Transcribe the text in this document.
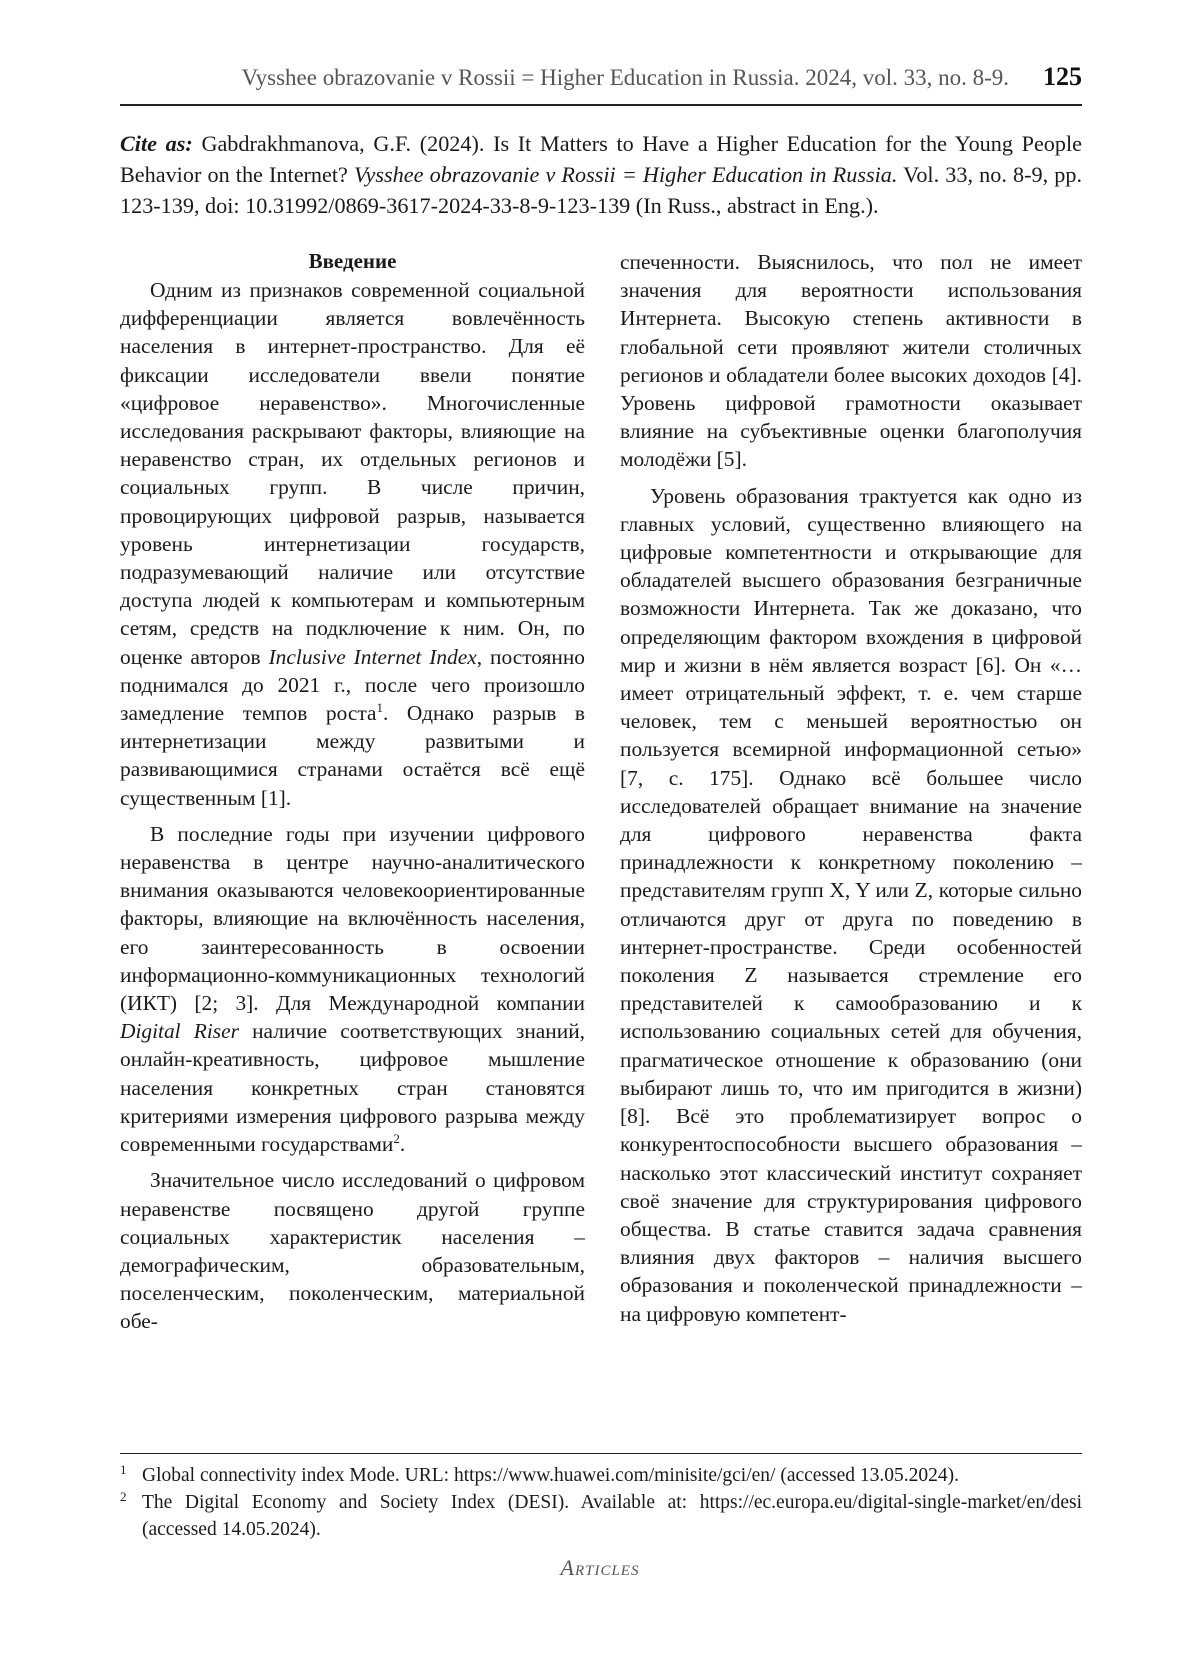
Vysshee obrazovanie v Rossii = Higher Education in Russia. 2024, vol. 33, no. 8-9. 125
Cite as: Gabdrakhmanova, G.F. (2024). Is It Matters to Have a Higher Education for the Young People Behavior on the Internet? Vysshee obrazovanie v Rossii = Higher Education in Russia. Vol. 33, no. 8-9, pp. 123-139, doi: 10.31992/0869-3617-2024-33-8-9-123-139 (In Russ., abstract in Eng.).
Введение

Одним из признаков современной социальной дифференциации является вовлечённость населения в интернет-пространство. Для её фиксации исследователи ввели понятие «цифровое неравенство». Многочисленные исследования раскрывают факторы, влияющие на неравенство стран, их отдельных регионов и социальных групп. В числе причин, провоцирующих цифровой разрыв, называется уровень интернетизации государств, подразумевающий наличие или отсутствие доступа людей к компьютерам и компьютерным сетям, средств на подключение к ним. Он, по оценке авторов Inclusive Internet Index, постоянно поднимался до 2021 г., после чего произошло замедление темпов роста$^1$. Однако разрыв в интернетизации между развитыми и развивающимися странами остаётся всё ещё существенным [1].

В последние годы при изучении цифрового неравенства в центре научно-аналитического внимания оказываются человекоориентированные факторы, влияющие на включённость населения, его заинтересованность в освоении информационно-коммуникационных технологий (ИКТ) [2; 3]. Для Международной компании Digital Riser наличие соответствующих знаний, онлайн-креативность, цифровое мышление населения конкретных стран становятся критериями измерения цифрового разрыва между современными государствами$^2$.

Значительное число исследований о цифровом неравенстве посвящено другой группе социальных характеристик населения – демографическим, образовательным, поселенческим, поколенческим, материальной обе-

спеченности. Выяснилось, что пол не имеет значения для вероятности использования Интернета. Высокую степень активности в глобальной сети проявляют жители столичных регионов и обладатели более высоких доходов [4]. Уровень цифровой грамотности оказывает влияние на субъективные оценки благополучия молодёжи [5].

Уровень образования трактуется как одно из главных условий, существенно влияющего на цифровые компетентности и открывающие для обладателей высшего образования безграничные возможности Интернета. Так же доказано, что определяющим фактором вхождения в цифровой мир и жизни в нём является возраст [6]. Он «…имеет отрицательный эффект, т. е. чем старше человек, тем с меньшей вероятностью он пользуется всемирной информационной сетью» [7, с. 175]. Однако всё большее число исследователей обращает внимание на значение для цифрового неравенства факта принадлежности к конкретному поколению – представителям групп X, Y или Z, которые сильно отличаются друг от друга по поведению в интернет-пространстве. Среди особенностей поколения Z называется стремление его представителей к самообразованию и к использованию социальных сетей для обучения, прагматическое отношение к образованию (они выбирают лишь то, что им пригодится в жизни) [8]. Всё это проблематизирует вопрос о конкурентоспособности высшего образования – насколько этот классический институт сохраняет своё значение для структурирования цифрового общества. В статье ставится задача сравнения влияния двух факторов – наличия высшего образования и поколенческой принадлежности – на цифровую компетент-

1 Global connectivity index Mode. URL: https://www.huawei.com/minisite/gci/en/ (accessed 13.05.2024).
2 The Digital Economy and Society Index (DESI). Available at: https://ec.europa.eu/digital-single-market/en/desi (accessed 14.05.2024).
Articles
